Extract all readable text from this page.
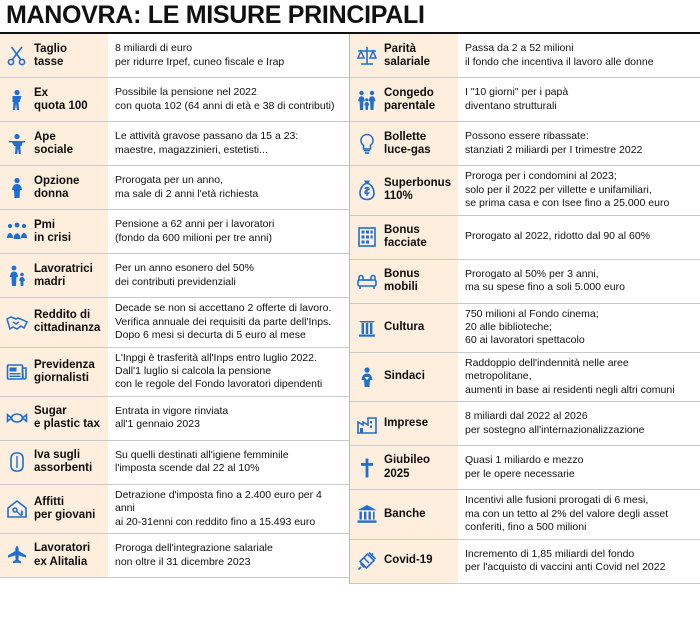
MANOVRA: LE MISURE PRINCIPALI
Taglio
tasse
8 miliardi di euro
per ridurre Irpef, cuneo fiscale e Irap
Ex
quota 100
Possibile la pensione nel 2022
con quota 102 (64 anni di età e 38 di contributi)
Ape
sociale
Le attività gravose passano da 15 a 23:
maestre, magazzinieri, estetisti...
Opzione
donna
Prorogata per un anno,
ma sale di 2 anni l'età richiesta
Pmi
in crisi
Pensione a 62 anni per i lavoratori
(fondo da 600 milioni per tre anni)
Lavoratrici
madri
Per un anno esonero del 50%
dei contributi previdenziali
Reddito di
cittadinanza
Decade se non si accettano 2 offerte di lavoro.
Verifica annuale dei requisiti da parte dell'Inps.
Dopo 6 mesi si decurta di 5 euro al mese
Previdenza
giornalisti
L'Inpgi è trasferità all'Inps entro luglio 2022.
Dall'1 luglio si calcola la pensione
con le regole del Fondo lavoratori dipendenti
Sugar
e plastic tax
Entrata in vigore rinviata
all'1 gennaio 2023
Iva sugli
assorbenti
Su quelli destinati all'igiene femminile
l'imposta scende dal 22 al 10%
Affitti
per giovani
Detrazione d'imposta fino a 2.400 euro per 4 anni
ai 20-31enni con reddito fino a 15.493 euro
Lavoratori
ex Alitalia
Proroga dell'integrazione salariale
non oltre il 31 dicembre 2023
Parità
salariale
Passa da 2 a 52 milioni
il fondo che incentiva il lavoro alle donne
Congedo
parentale
I "10 giorni" per i papà
diventano strutturali
Bollette
luce-gas
Possono essere ribassate:
stanziati 2 miliardi per I trimestre 2022
Superbonus
110%
Proroga per i condomini al 2023;
solo per il 2022 per villette e unifamiliari,
se prima casa e con Isee fino a 25.000 euro
Bonus
facciate
Prorogato al 2022, ridotto dal 90 al 60%
Bonus
mobili
Prorogato al 50% per 3 anni,
ma su spese fino a soli 5.000 euro
Cultura
750 milioni al Fondo cinema;
20 alle biblioteche;
60 ai lavoratori spettacolo
Sindaci
Raddoppio dell'indennità nelle aree metropolitane,
aumenti in base ai residenti negli altri comuni
Imprese
8 miliardi dal 2022 al 2026
per sostegno all'internazionalizzazione
Giubileo
2025
Quasi 1 miliardo e mezzo
per le opere necessarie
Banche
Incentivi alle fusioni prorogati di 6 mesi,
ma con un tetto al 2% del valore degli asset
conferiti, fino a 500 milioni
Covid-19
Incremento di 1,85 miliardi del fondo
per l'acquisto di vaccini anti Covid nel 2022
